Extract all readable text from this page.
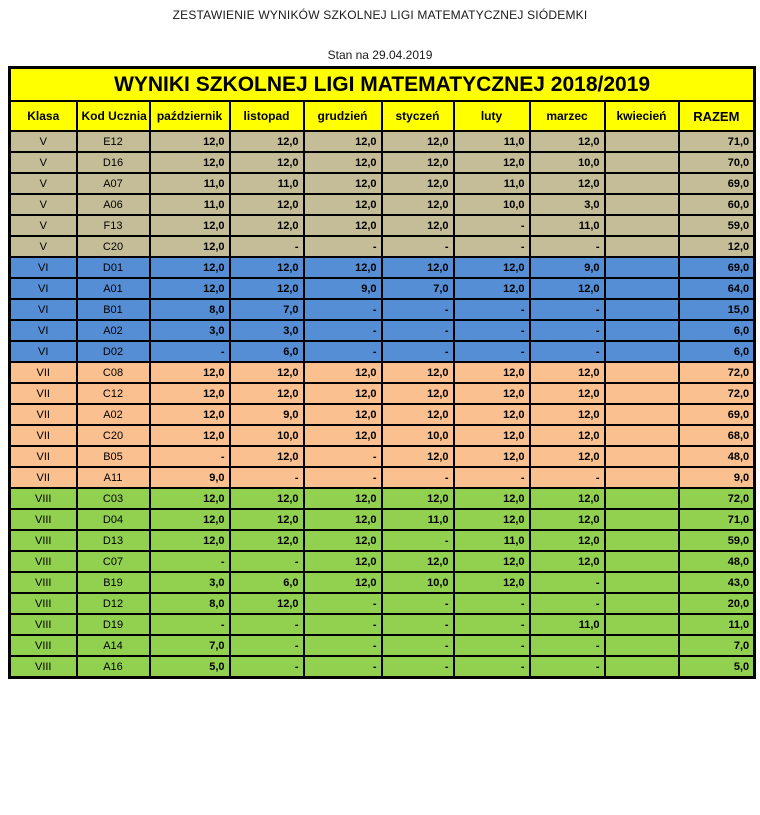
ZESTAWIENIE WYNIKÓW SZKOLNEJ LIGI MATEMATYCZNEJ SIÓDEMKI
Stan na 29.04.2019
WYNIKI SZKOLNEJ LIGI MATEMATYCZNEJ 2018/2019									
Klasa	Kod Ucznia	październik	listopad	grudzień	styczeń	luty	marzec	kwiecień	RAZEM
V	E12	12,0	12,0	12,0	12,0	11,0	12,0		71,0
V	D16	12,0	12,0	12,0	12,0	12,0	10,0		70,0
V	A07	11,0	11,0	12,0	12,0	11,0	12,0		69,0
V	A06	11,0	12,0	12,0	12,0	10,0	3,0		60,0
V	F13	12,0	12,0	12,0	12,0	-	11,0		59,0
V	C20	12,0	-	-	-	-	-		12,0
VI	D01	12,0	12,0	12,0	12,0	12,0	9,0		69,0
VI	A01	12,0	12,0	9,0	7,0	12,0	12,0		64,0
VI	B01	8,0	7,0	-	-	-	-		15,0
VI	A02	3,0	3,0	-	-	-	-		6,0
VI	D02	-	6,0	-	-	-	-		6,0
VII	C08	12,0	12,0	12,0	12,0	12,0	12,0		72,0
VII	C12	12,0	12,0	12,0	12,0	12,0	12,0		72,0
VII	A02	12,0	9,0	12,0	12,0	12,0	12,0		69,0
VII	C20	12,0	10,0	12,0	10,0	12,0	12,0		68,0
VII	B05	-	12,0	-	12,0	12,0	12,0		48,0
VII	A11	9,0	-	-	-	-	-		9,0
VIII	C03	12,0	12,0	12,0	12,0	12,0	12,0		72,0
VIII	D04	12,0	12,0	12,0	11,0	12,0	12,0		71,0
VIII	D13	12,0	12,0	12,0	-	11,0	12,0		59,0
VIII	C07	-	-	12,0	12,0	12,0	12,0		48,0
VIII	B19	3,0	6,0	12,0	10,0	12,0	-		43,0
VIII	D12	8,0	12,0	-	-	-	-		20,0
VIII	D19	-	-	-	-	-	11,0		11,0
VIII	A14	7,0	-	-	-	-	-		7,0
VIII	A16	5,0	-	-	-	-	-		5,0
